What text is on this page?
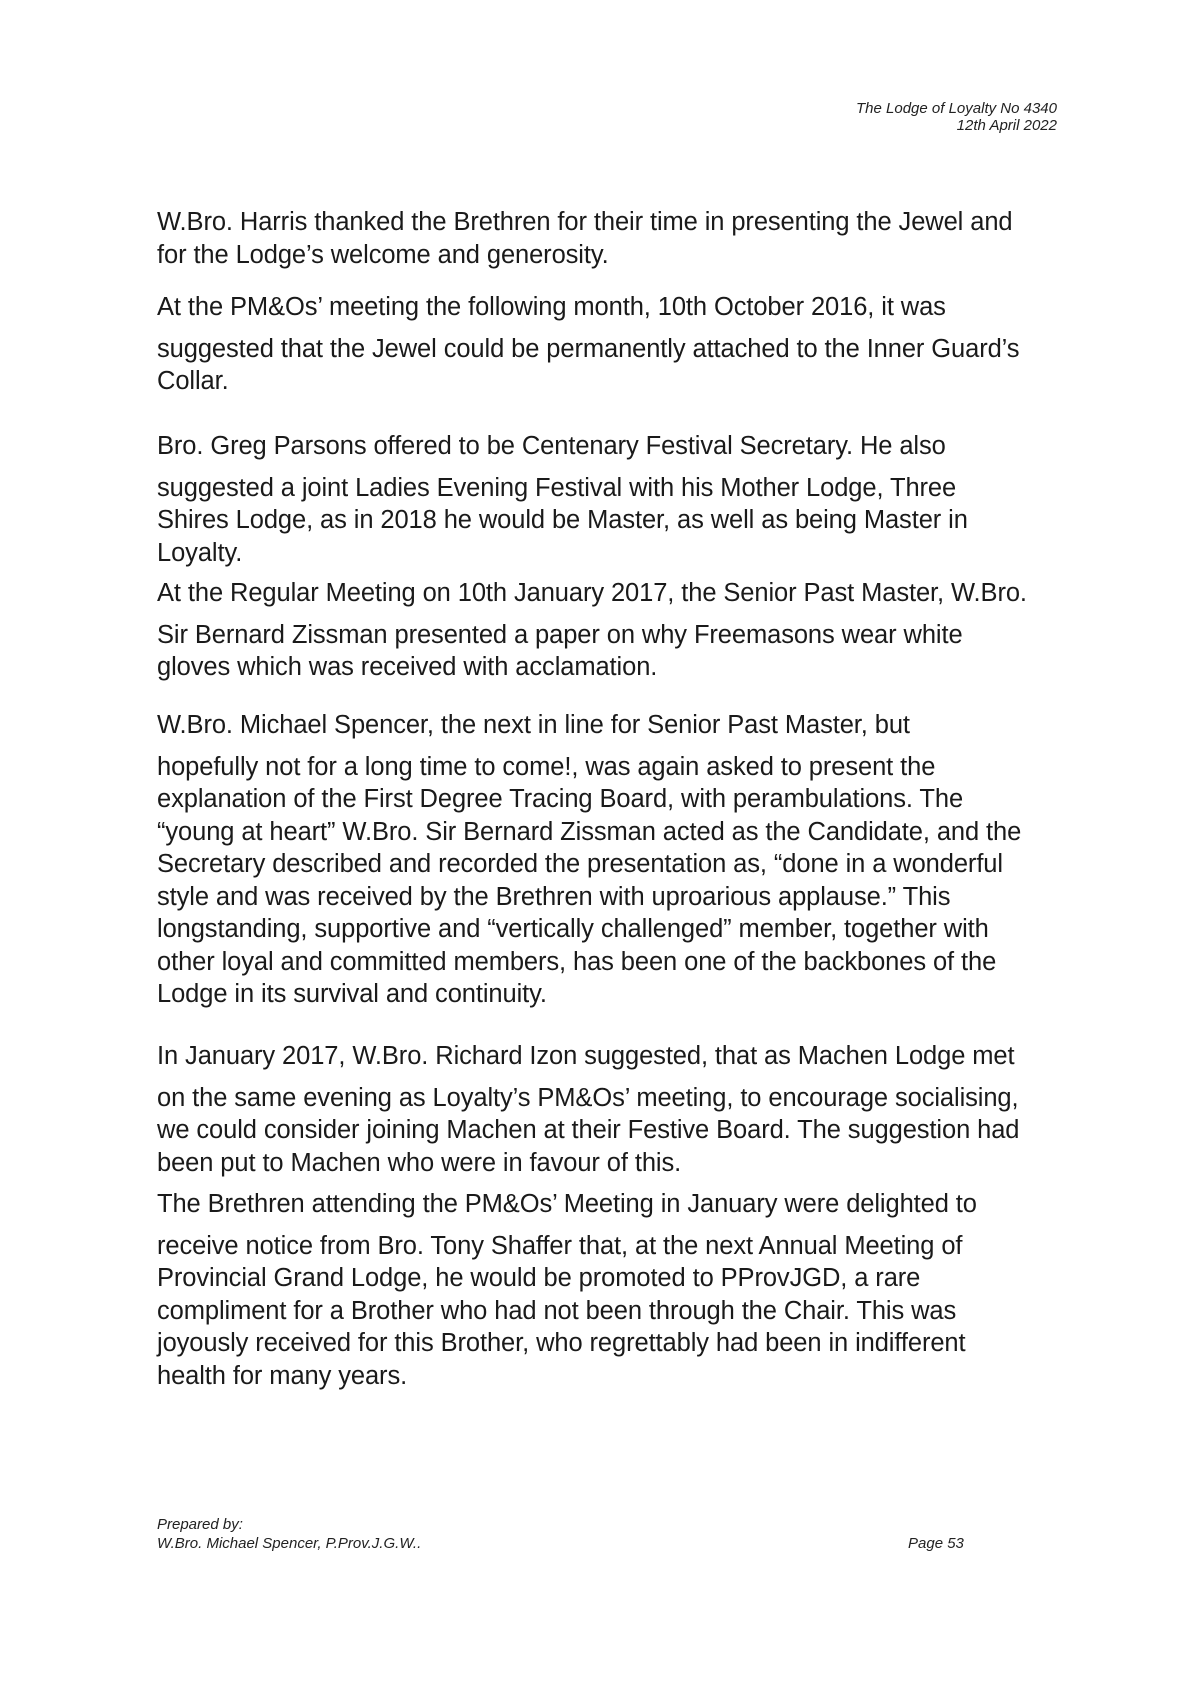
The Lodge of Loyalty No 4340
12th April 2022

W.Bro. Harris thanked the Brethren for their time in presenting the Jewel and
for the Lodge’s welcome and generosity.

At the PM&Os’ meeting the following month, 10th October 2016, it was
suggested that the Jewel could be permanently attached to the Inner Guard’s
Collar.

Bro. Greg Parsons offered to be Centenary Festival Secretary. He also
suggested a joint Ladies Evening Festival with his Mother Lodge, Three
Shires Lodge, as in 2018 he would be Master, as well as being Master in
Loyalty.

At the Regular Meeting on 10th January 2017, the Senior Past Master, W.Bro.
Sir Bernard Zissman presented a paper on why Freemasons wear white
gloves which was received with acclamation.

W.Bro. Michael Spencer, the next in line for Senior Past Master, but
hopefully not for a long time to come!, was again asked to present the
explanation of the First Degree Tracing Board, with perambulations. The
“young at heart” W.Bro. Sir Bernard Zissman acted as the Candidate, and the
Secretary described and recorded the presentation as, “done in a wonderful
style and was received by the Brethren with uproarious applause.” This
longstanding, supportive and “vertically challenged” member, together with
other loyal and committed members, has been one of the backbones of the
Lodge in its survival and continuity.

In January 2017, W.Bro. Richard Izon suggested, that as Machen Lodge met
on the same evening as Loyalty’s PM&Os’ meeting, to encourage socialising,
we could consider joining Machen at their Festive Board. The suggestion had
been put to Machen who were in favour of this.

The Brethren attending the PM&Os’ Meeting in January were delighted to
receive notice from Bro. Tony Shaffer that, at the next Annual Meeting of
Provincial Grand Lodge, he would be promoted to PProvJGD, a rare
compliment for a Brother who had not been through the Chair. This was
joyously received for this Brother, who regrettably had been in indifferent
health for many years.

Prepared by:
W.Bro. Michael Spencer, P.Prov.J.G.W..	Page 53
